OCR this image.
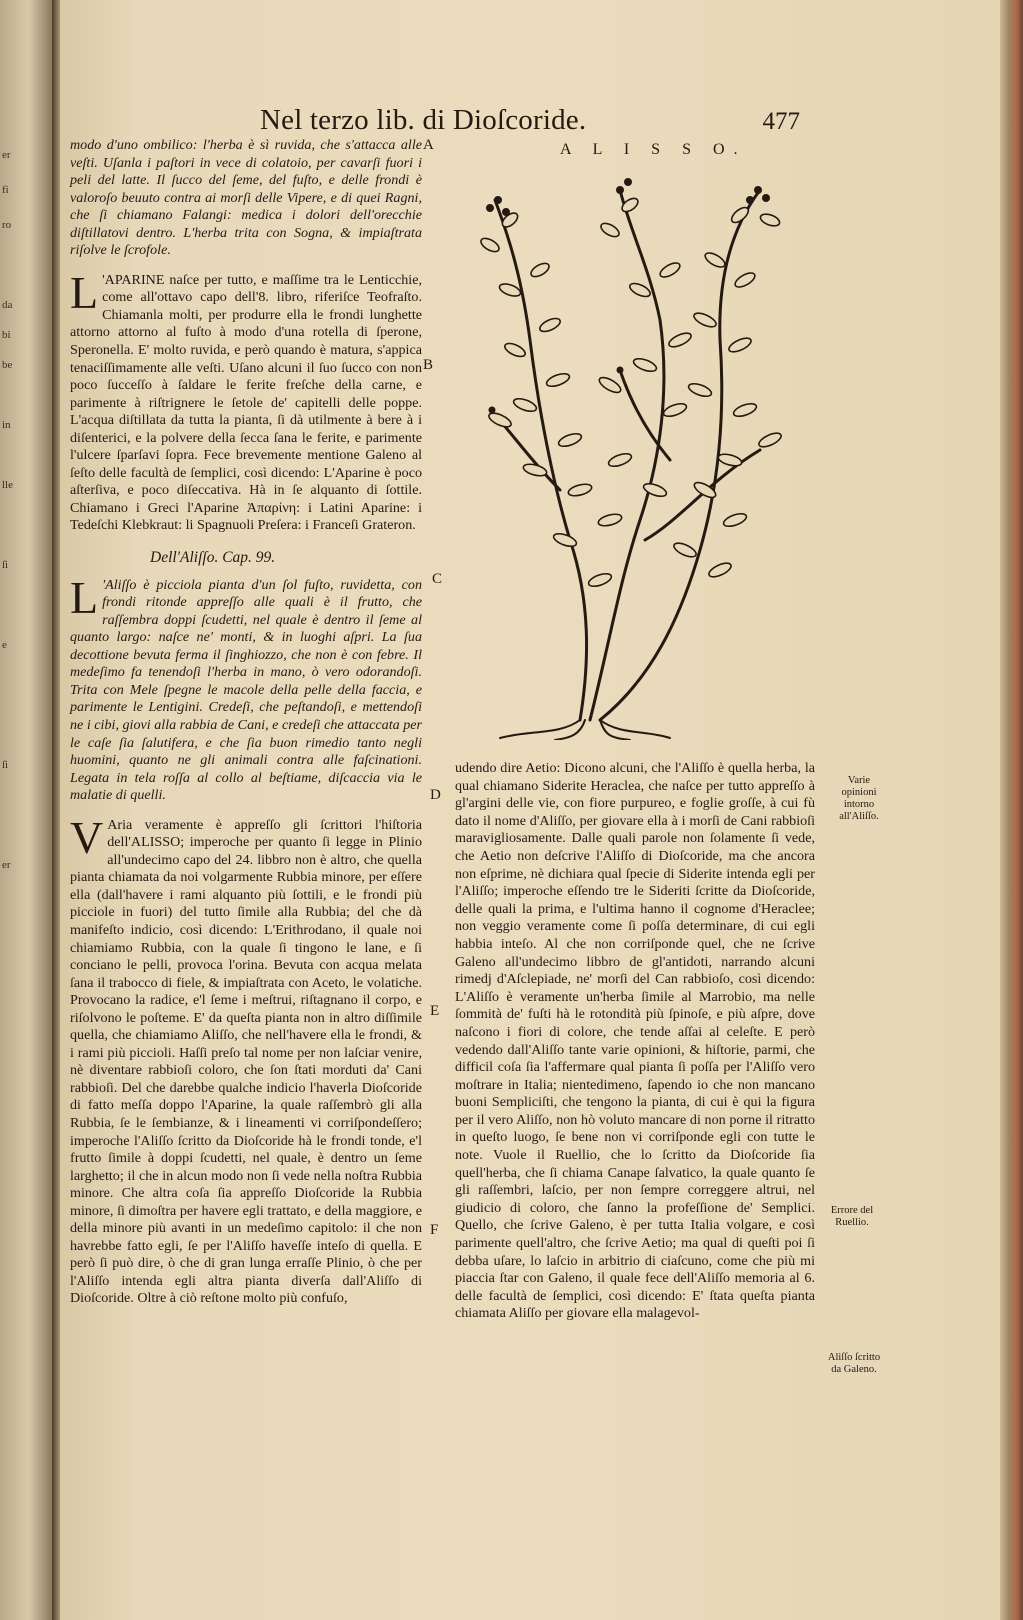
er
fi
ro
da
bi
be
in
lle
ſi
e
ſi
er
Nel terzo lib. di Dioſcoride.	477

modo d'uno ombilico: l'herba è sì ruvida, che s'attacca alle veſti. Uſanla i paſtori in vece di colatoio, per cavarſi fuori i peli del latte. Il ſucco del ſeme, del fuſto, e delle frondi è valoroſo beuuto contra ai morſi delle Vipere, e di quei Ragni, che ſi chiamano Falangi: medica i dolori dell'orecchie diſtillatovi dentro. L'herba trita con Sogna, & impiaſtrata riſolve le ſcrofole.

L 'APARINE naſce per tutto, e maſſime tra le Lenticchie, come all'ottavo capo dell'8. libro, riferiſce Teofraſto. Chiamanla molti, per produrre ella le frondi lunghette attorno attorno al fuſto à modo d'una rotella di ſperone, Speronella. E' molto ruvida, e però quando è matura, s'appica tenaciſſimamente alle veſti. Uſano alcuni il ſuo ſucco con non poco ſucceſſo à ſaldare le ferite freſche della carne, e parimente à riſtrignere le ſetole de' capitelli delle poppe. L'acqua diſtillata da tutta la pianta, ſi dà utilmente à bere à i diſenterici, e la polvere della ſecca ſana le ferite, e parimente l'ulcere ſparſavi ſopra. Fece brevemente mentione Galeno al ſeſto delle facultà de ſemplici, così dicendo: L'Aparine è poco aſterſiva, e poco diſeccativa. Hà in ſe alquanto di ſottile. Chiamano i Greci l'Aparine Ἀπαρίνη: i Latini Aparine: i Tedeſchi Klebkraut: li Spagnuoli Preſera: i Franceſi Grateron.

Dell'Aliſſo. Cap. 99.

L 'Aliſſo è picciola pianta d'un ſol fuſto, ruvidetta, con frondi ritonde appreſſo alle quali è il frutto, che raſſembra doppi ſcudetti, nel quale è dentro il ſeme al quanto largo: naſce ne' monti, & in luoghi aſpri. La ſua decottione bevuta ferma il ſinghiozzo, che non è con febre. Il medeſimo fa tenendoſi l'herba in mano, ò vero odorandoſi. Trita con Mele ſpegne le macole della pelle della faccia, e parimente le Lentigini. Credeſi, che peſtandoſi, e mettendoſi ne i cibi, giovi alla rabbia de Cani, e credeſi che attaccata per le caſe ſia ſalutifera, e che ſia buon rimedio tanto negli huomini, quanto ne gli animali contra alle faſcinationi. Legata in tela roſſa al collo al beſtiame, diſcaccia via le malatie di quelli.

V Aria veramente è appreſſo gli ſcrittori l'hiſtoria dell'ALISSO; imperoche per quanto ſi legge in Plinio all'undecimo capo del 24. libbro non è altro, che quella pianta chiamata da noi volgarmente Rubbia minore, per eſſere ella (dall'havere i rami alquanto più ſottili, e le frondi più picciole in fuori) del tutto ſimile alla Rubbia; del che dà manifeſto indicio, così dicendo: L'Erithrodano, il quale noi chiamiamo Rubbia, con la quale ſi tingono le lane, e ſi conciano le pelli, provoca l'orina. Bevuta con acqua melata ſana il trabocco di fiele, & impiaſtrata con Aceto, le volatiche. Provocano la radice, e'l ſeme i meſtrui, riſtagnano il corpo, e riſolvono le poſteme. E' da queſta pianta non in altro diſſimile quella, che chiamiamo Aliſſo, che nell'havere ella le frondi, & i rami più piccioli. Haſſi preſo tal nome per non laſciar venire, nè diventare rabbioſi coloro, che ſon ſtati morduti da' Cani rabbioſi. Del che darebbe qualche indicio l'haverla Dioſcoride di fatto meſſa doppo l'Aparine, la quale raſſembrò gli alla Rubbia, ſe le ſembianze, & i lineamenti vi corriſpondeſſero; imperoche l'Aliſſo ſcritto da Dioſcoride hà le frondi tonde, e'l frutto ſimile à doppi ſcudetti, nel quale, è dentro un ſeme larghetto; il che in alcun modo non ſi vede nella noſtra Rubbia minore. Che altra coſa ſia appreſſo Dioſcoride la Rubbia minore, ſi dimoſtra per havere egli trattato, e della maggiore, e della minore più avanti in un medeſimo capitolo: il che non havrebbe fatto egli, ſe per l'Aliſſo haveſſe inteſo di quella. E però ſi può dire, ò che di gran lunga erraſſe Plinio, ò che per l'Aliſſo intenda egli altra pianta diverſa dall'Aliſſo di Dioſcoride. Oltre à ciò reſtone molto più confuſo,

A
B
C
D
E
F
A L I S S O.

udendo dire Aetio: Dicono alcuni, che l'Aliſſo è quella herba, la qual chiamano Siderite Heraclea, che naſce per tutto appreſſo à gl'argini delle vie, con fiore purpureo, e foglie groſſe, à cui fù dato il nome d'Aliſſo, per giovare ella à i morſi de Cani rabbioſi maravigliosamente. Dalle quali parole non ſolamente ſi vede, che Aetio non deſcrive l'Aliſſo di Dioſcoride, ma che ancora non eſprime, nè dichiara qual ſpecie di Siderite intenda egli per l'Aliſſo; imperoche eſſendo tre le Sideriti ſcritte da Dioſcoride, delle quali la prima, e l'ultima hanno il cognome d'Heraclee; non veggio veramente come ſi poſſa determinare, di cui egli habbia inteſo. Al che non corriſponde quel, che ne ſcrive Galeno all'undecimo libbro de gl'antidoti, narrando alcuni rimedj d'Aſclepiade, ne' morſi del Can rabbioſo, così dicendo: L'Aliſſo è veramente un'herba ſimile al Marrobio, ma nelle ſommità de' fuſti hà le rotondità più ſpinoſe, e più aſpre, dove naſcono i fiori di colore, che tende aſſai al celeſte. E però vedendo dall'Aliſſo tante varie opinioni, & hiſtorie, parmi, che difficil coſa ſia l'affermare qual pianta ſi poſſa per l'Aliſſo vero moſtrare in Italia; nientedimeno, ſapendo io che non mancano buoni Sempliciſti, che tengono la pianta, di cui è qui la figura per il vero Aliſſo, non hò voluto mancare di non porne il ritratto in queſto luogo, ſe bene non vi corriſponde egli con tutte le note. Vuole il Ruellio, che lo ſcritto da Dioſcoride ſia quell'herba, che ſi chiama Canape ſalvatico, la quale quanto ſe gli raſſembri, laſcio, per non ſempre correggere altrui, nel giudicio di coloro, che ſanno la profeſſione de' Semplici. Quello, che ſcrive Galeno, è per tutta Italia volgare, e così parimente quell'altro, che ſcrive Aetio; ma qual di queſti poi ſi debba uſare, lo laſcio in arbitrio di ciaſcuno, come che più mi piaccia ſtar con Galeno, il quale fece dell'Aliſſo memoria al 6. delle facultà de ſemplici, così dicendo: E' ſtata queſta pianta chiamata Aliſſo per giovare ella malagevol-

Varie opinioni intorno all'Aliſſo.
Errore del Ruellio.
Aliſſo ſcritto da Galeno.
